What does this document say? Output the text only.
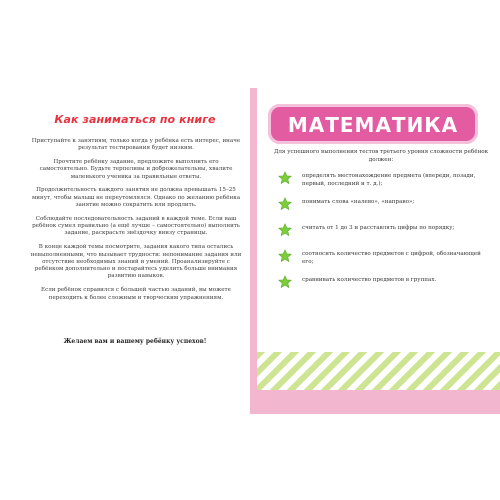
Как заниматься по книге

Приступайте к занятиям, только когда у ребёнка есть интерес, иначе результат тестирования будет низким.

Прочтите ребёнку задание, предложите выполнить его самостоятельно. Будьте терпеливы и доброжелательны, хвалите маленького ученика за правильные ответы.

Продолжительность каждого занятия не должна превышать 15–25 минут, чтобы малыш не переутомлялся. Однако по желанию ребёнка занятие можно сократить или продлить.

Соблюдайте последовательность заданий в каждой теме. Если ваш ребёнок сумел правильно (а ещё лучше – самостоятельно) выполнить задание, раскрасьте звёздочку внизу страницы.

В конце каждой темы посмотрите, задания какого типа остались невыполненными, что вызывает трудности: непонимание задания или отсутствие необходимых знаний и умений. Проанализируйте с ребёнком дополнительно и постарайтесь уделить больше внимания развитию навыков.

Если ребёнок справился с большей частью заданий, вы можете переходить к более сложным и творческим упражнениям.

Желаем вам и вашему ребёнку успехов!
МАТЕМАТИКА
Для успешного выполнения тестов третьего уровня сложности ребёнок должен:
определять местонахождение предмета (впереди, позади, первый, последний и т. д.);
понимать слова «налево», «направо»;
считать от 1 до 3 и расставлять цифры по порядку;
соотносить количество предметов с цифрой, обозначающей его;
сравнивать количество предметов в группах.
